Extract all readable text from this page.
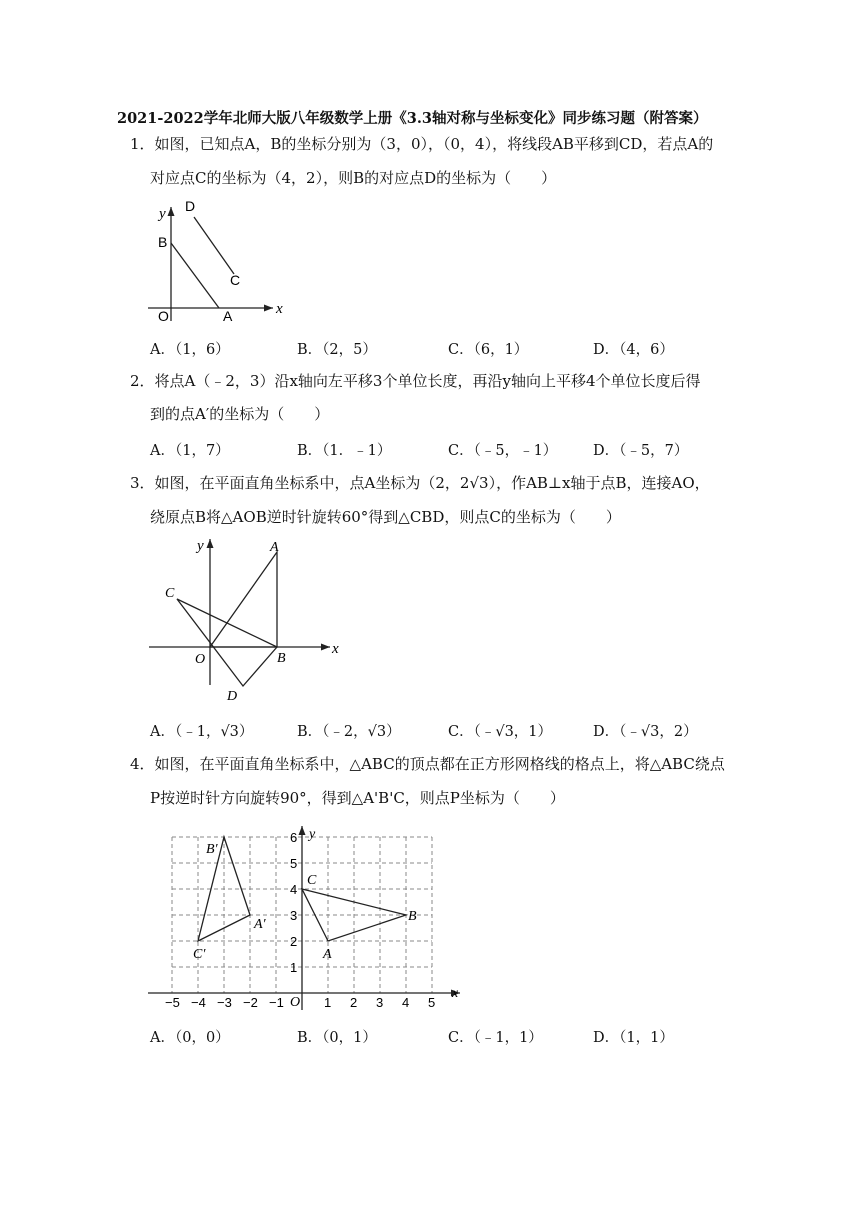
2021-2022学年北师大版八年级数学上册《3.3轴对称与坐标变化》同步练习题（附答案）
1．如图，已知点A，B的坐标分别为（3，0），（0，4），将线段AB平移到CD，若点A的
对应点C的坐标为（4，2），则B的对应点D的坐标为（　　）
y
x
O	A
B
C
D
A．（1，6）	B．（2，5）	C．（6，1）	D．（4，6）
2．将点A（﹣2，3）沿x轴向左平移3个单位长度，再沿y轴向上平移4个单位长度后得
到的点A′的坐标为（　　）
A．（1，7）	B．（1．﹣1）	C．（﹣5，﹣1） D．（﹣5，7）
3．如图，在平面直角坐标系中，点A坐标为（2，2√3），作AB⊥x轴于点B，连接AO，
绕原点B将△AOB逆时针旋转60°得到△CBD，则点C的坐标为（　　）
y
x
O
A
B
C
D
A．（﹣1，√3）	B．（﹣2，√3）	C．（﹣√3，1）	D．（﹣√3，2）
4．如图，在平面直角坐标系中，△ABC的顶点都在正方形网格线的格点上，将△ABC绕点
P按逆时针方向旋转90°，得到△A'B'C，则点P坐标为（　　）
−5 −4 −3 −2 −1	1 2 3 4 5
1
2
3
4
5
6 y
x
O
A
B
C
A′
B′
C′
A．（0，0）	B．（0，1）	C．（﹣1，1）	D．（1，1）
